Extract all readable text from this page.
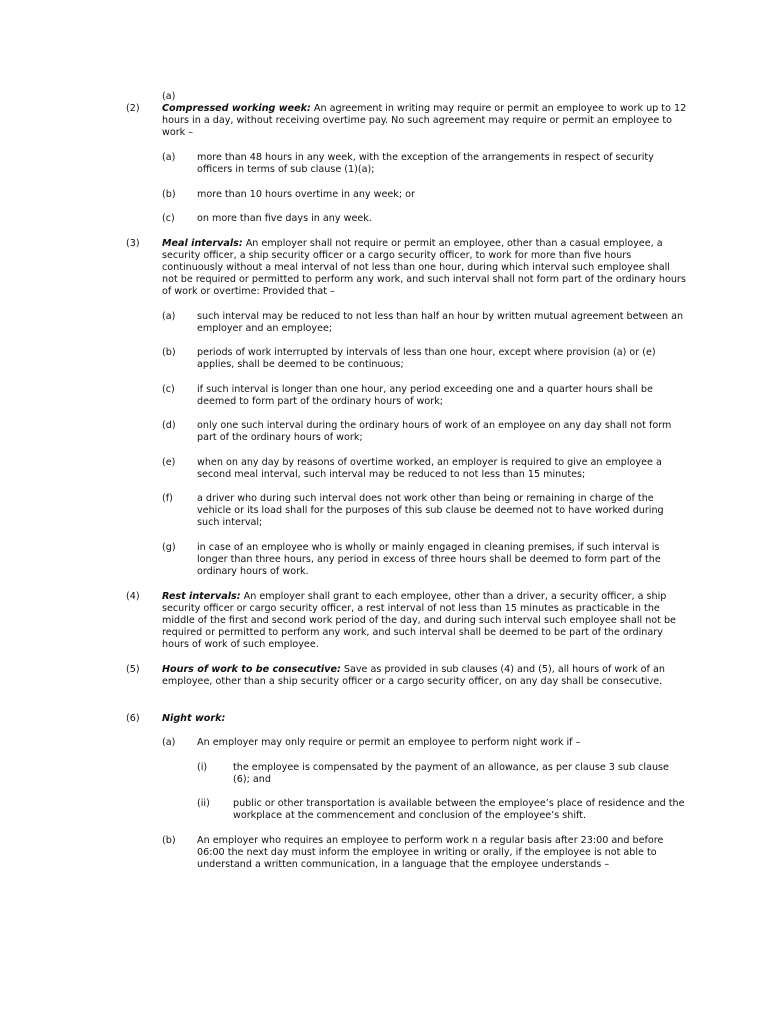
(a)

(2) Compressed working week: An agreement in writing may require or permit an employee to work up to 12 hours in a day, without receiving overtime pay. No such agreement may require or permit an employee to work –

(a) more than 48 hours in any week, with the exception of the arrangements in respect of security officers in terms of sub clause (1)(a);

(b) more than 10 hours overtime in any week; or

(c) on more than five days in any week.

(3) Meal intervals: An employer shall not require or permit an employee, other than a casual employee, a security officer, a ship security officer or a cargo security officer, to work for more than five hours continuously without a meal interval of not less than one hour, during which interval such employee shall not be required or permitted to perform any work, and such interval shall not form part of the ordinary hours of work or overtime: Provided that –

(a) such interval may be reduced to not less than half an hour by written mutual agreement between an employer and an employee;

(b) periods of work interrupted by intervals of less than one hour, except where provision (a) or (e) applies, shall be deemed to be continuous;

(c) if such interval is longer than one hour, any period exceeding one and a quarter hours shall be deemed to form part of the ordinary hours of work;

(d) only one such interval during the ordinary hours of work of an employee on any day shall not form part of the ordinary hours of work;

(e) when on any day by reasons of overtime worked, an employer is required to give an employee a second meal interval, such interval may be reduced to not less than 15 minutes;

(f)	a driver who during such interval does not work other than being or remaining in charge of the vehicle or its load shall for the purposes of this sub clause be deemed not to have worked during such interval;

(g) in case of an employee who is wholly or mainly engaged in cleaning premises, if such interval is longer than three hours, any period in excess of three hours shall be deemed to form part of the ordinary hours of work.

(4) Rest intervals: An employer shall grant to each employee, other than a driver, a security officer, a ship security officer or cargo security officer, a rest interval of not less than 15 minutes as practicable in the middle of the first and second work period of the day, and during such interval such employee shall not be required or permitted to perform any work, and such interval shall be deemed to be part of the ordinary hours of work of such employee.

(5) Hours of work to be consecutive: Save as provided in sub clauses (4) and (5), all hours of work of an employee, other than a ship security officer or a cargo security officer, on any day shall be consecutive.

(6) Night work:

(a) An employer may only require or permit an employee to perform night work if –

(i)	the employee is compensated by the payment of an allowance, as per clause 3 sub clause (6); and

(ii) public or other transportation is available between the employee’s place of residence and the workplace at the commencement and conclusion of the employee’s shift.

(b) An employer who requires an employee to perform work n a regular basis after 23:00 and before 06:00 the next day must inform the employee in writing or orally, if the employee is not able to understand a written communication, in a language that the employee understands –
